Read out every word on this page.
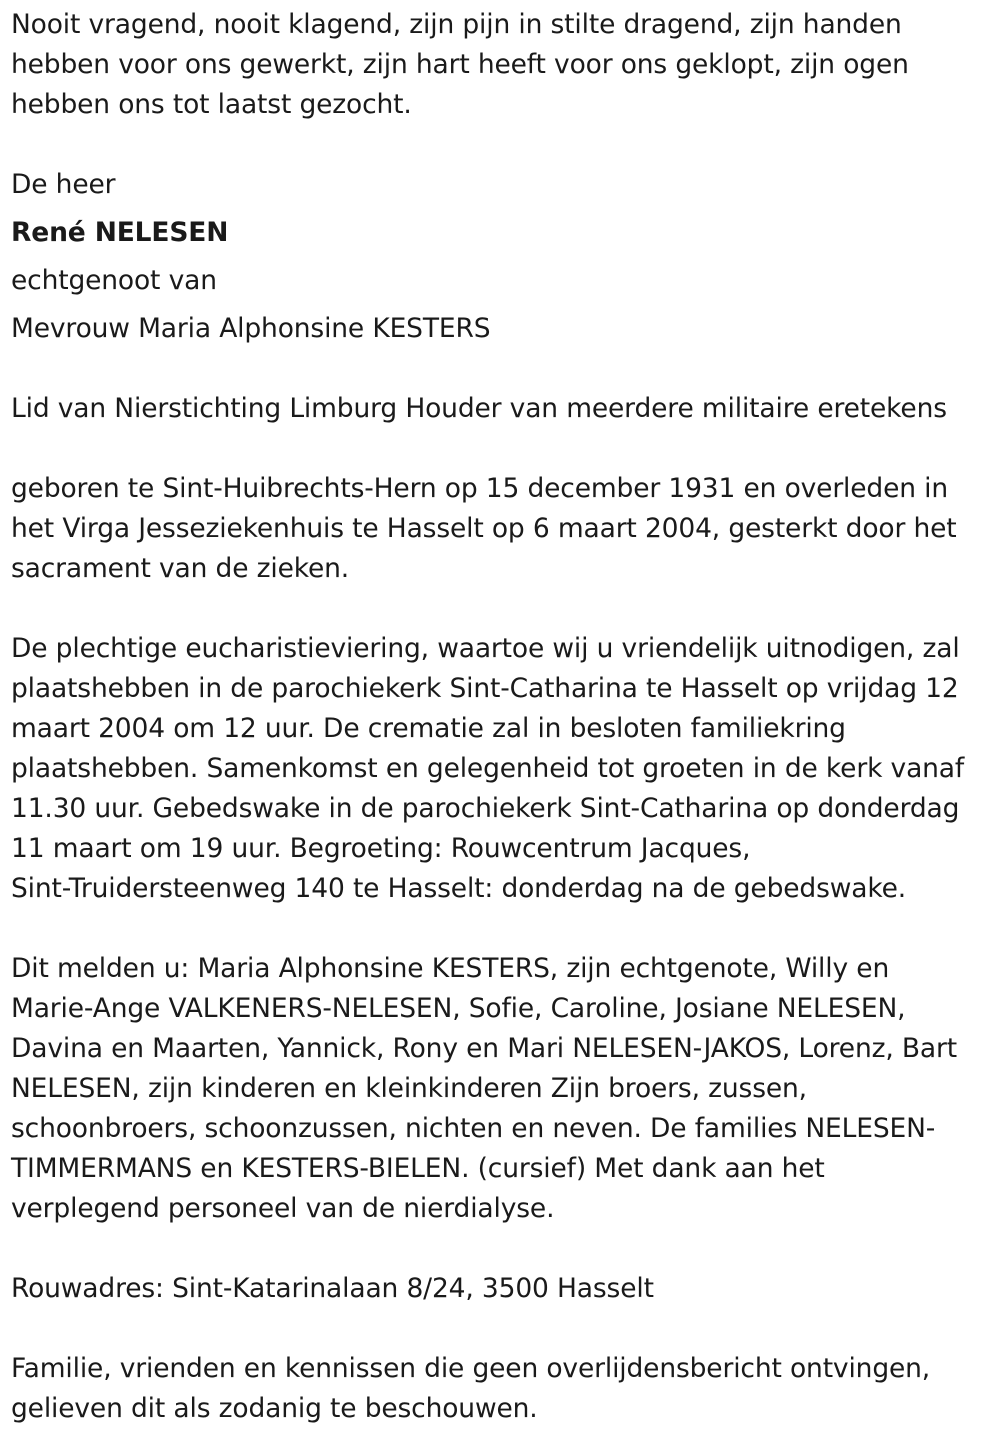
Nooit vragend, nooit klagend, zijn pijn in stilte dragend, zijn handen
hebben voor ons gewerkt, zijn hart heeft voor ons geklopt, zijn ogen
hebben ons tot laatst gezocht.

De heer

René NELESEN

echtgenoot van

Mevrouw Maria Alphonsine KESTERS

Lid van Nierstichting Limburg Houder van meerdere militaire eretekens

geboren te Sint-Huibrechts-Hern op 15 december 1931 en overleden in
het Virga Jesseziekenhuis te Hasselt op 6 maart 2004, gesterkt door het
sacrament van de zieken.

De plechtige eucharistieviering, waartoe wij u vriendelijk uitnodigen, zal
plaatshebben in de parochiekerk Sint-Catharina te Hasselt op vrijdag 12
maart 2004 om 12 uur. De crematie zal in besloten familiekring
plaatshebben. Samenkomst en gelegenheid tot groeten in de kerk vanaf
11.30 uur. Gebedswake in de parochiekerk Sint-Catharina op donderdag
11 maart om 19 uur. Begroeting: Rouwcentrum Jacques,
Sint-Truidersteenweg 140 te Hasselt: donderdag na de gebedswake.

Dit melden u: Maria Alphonsine KESTERS, zijn echtgenote, Willy en
Marie-Ange VALKENERS-NELESEN, Sofie, Caroline, Josiane NELESEN,
Davina en Maarten, Yannick, Rony en Mari NELESEN-JAKOS, Lorenz, Bart
NELESEN, zijn kinderen en kleinkinderen Zijn broers, zussen,
schoonbroers, schoonzussen, nichten en neven. De families NELESEN-
TIMMERMANS en KESTERS-BIELEN. (cursief) Met dank aan het
verplegend personeel van de nierdialyse.

Rouwadres: Sint-Katarinalaan 8/24, 3500 Hasselt

Familie, vrienden en kennissen die geen overlijdensbericht ontvingen,
gelieven dit als zodanig te beschouwen.
